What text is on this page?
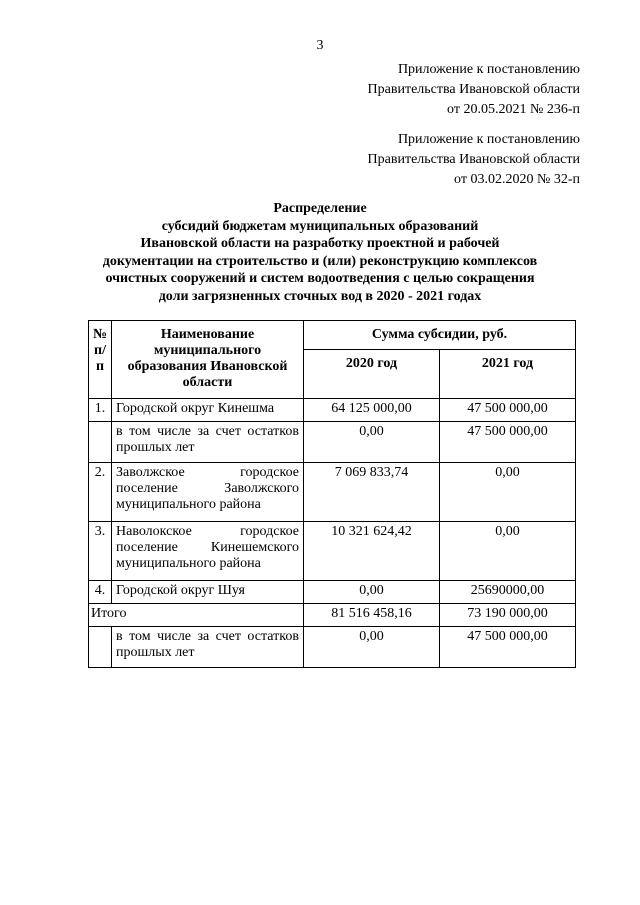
3
Приложение к постановлению
Правительства Ивановской области
от 20.05.2021 № 236-п
Приложение к постановлению
Правительства Ивановской области
от 03.02.2020 № 32-п
Распределение
субсидий бюджетам муниципальных образований
Ивановской области на разработку проектной и рабочей
документации на строительство и (или) реконструкцию комплексов
очистных сооружений и систем водоотведения с целью сокращения
доли загрязненных сточных вод в 2020 - 2021 годах
№ п/п	Наименование муниципального образования Ивановской области	Сумма субсидии, руб.	
		2020 год	2021 год
1.	Городской округ Кинешма	64 125 000,00	47 500 000,00
	в том числе за счет остатков прошлых лет	0,00	47 500 000,00
2.	Заволжское городское поселение Заволжского муниципального района	7 069 833,74	0,00
3.	Наволокское городское поселение Кинешемского муниципального района	10 321 624,42	0,00
4.	Городской округ Шуя	0,00	25690000,00
Итого		81 516 458,16	73 190 000,00
	в том числе за счет остатков прошлых лет	0,00	47 500 000,00
